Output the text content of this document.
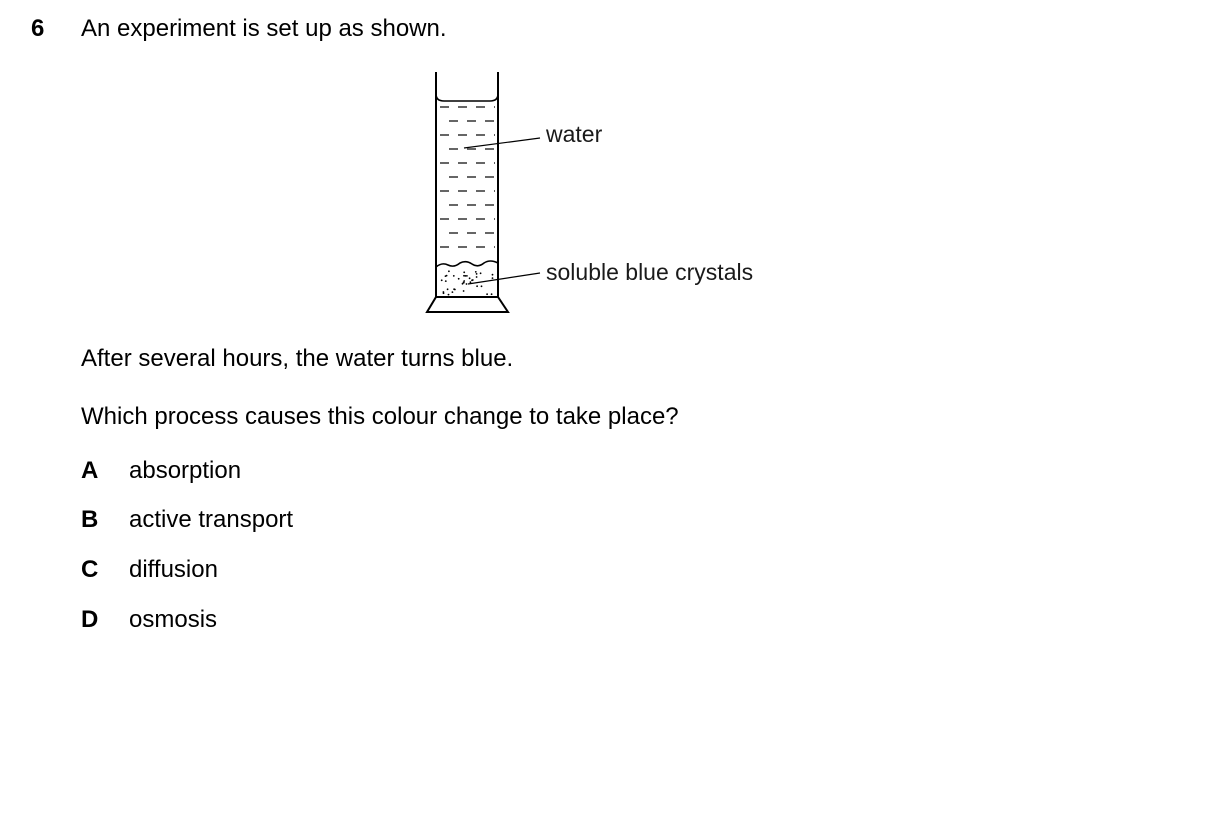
6 An experiment is set up as shown.
water
soluble blue crystals
After several hours, the water turns blue.
Which process causes this colour change to take place?
A absorption
B active transport
C diffusion
D osmosis
